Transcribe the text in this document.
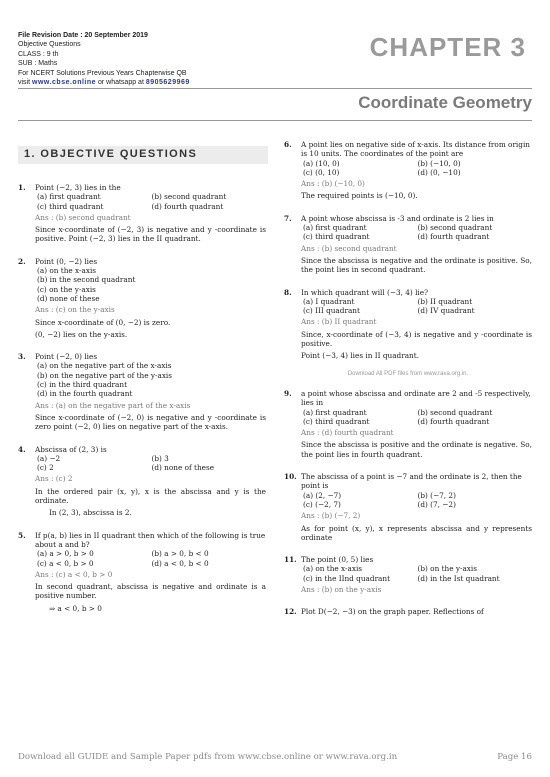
File Revision Date : 20 September 2019
Objective Questions
CLASS : 9 th
SUB : Maths
For NCERT Solutions Previous Years Chapterwise QB
visit www.cbse.online or whatsapp at 8905629969
CHAPTER 3
Coordinate Geometry
1. OBJECTIVE QUESTIONS
1. Point (−2, 3) lies in the
(a) first quadrant	(b) second quadrant
(c) third quadrant	(d) fourth quadrant
Ans : (b) second quadrant
Since x-coordinate of (−2, 3) is negative and y -coordinate is positive. Point (−2, 3) lies in the II quadrant.
2. Point (0, −2) lies
(a) on the x-axis
(b) in the second quadrant
(c) on the y-axis
(d) none of these
Ans : (c) on the y-axis
Since x-coordinate of (0, −2) is zero.
(0, −2) lies on the y-axis.
3. Point (−2, 0) lies
(a) on the negative part of the x-axis
(b) on the negative part of the y-axis
(c) in the third quadrant
(d) in the fourth quadrant
Ans : (a) on the negative part of the x-axis
Since x-coordinate of (−2, 0) is negative and y -coordinate is zero point (−2, 0) lies on negative part of the x-axis.
4. Abscissa of (2, 3) is
(a) −2	(b) 3
(c) 2	(d) none of these
Ans : (c) 2
In the ordered pair (x, y), x is the abscissa and y is the ordinate.
In (2, 3), abscissa is 2.
5. If p(a, b) lies in II quadrant then which of the following is true about a and b?
(a) a > 0, b > 0	(b) a > 0, b < 0
(c) a < 0, b > 0	(d) a < 0, b < 0
Ans : (c) a < 0, b > 0
In second quadrant, abscissa is negative and ordinate is a positive number.
⇒ a < 0, b > 0
6. A point lies on negative side of x-axis. Its distance from origin is 10 units. The coordinates of the point are
(a) (10, 0)	(b) (−10, 0)
(c) (0, 10)	(d) (0, −10)
Ans : (b) (−10, 0)
The required points is (−10, 0).
7. A point whose abscissa is -3 and ordinate is 2 lies in
(a) first quadrant	(b) second quadrant
(c) third quadrant	(d) fourth quadrant
Ans : (b) second quadrant
Since the abscissa is negative and the ordinate is positive. So, the point lies in second quadrant.
8. In which quadrant will (−3, 4) lie?
(a) I quadrant	(b) II quadrant
(c) III quadrant	(d) IV quadrant
Ans : (b) II quadrant
Since, x-coordinate of (−3, 4) is negative and y -coordinate is positive.
Point (−3, 4) lies in II quadrant.
Download All PDF files from www.rava.org.in.
9. a point whose abscissa and ordinate are 2 and -5 respectively, lies in
(a) first quadrant	(b) second quadrant
(c) third quadrant	(d) fourth quadrant
Ans : (d) fourth quadrant
Since the abscissa is positive and the ordinate is negative. So, the point lies in fourth quadrant.
10. The abscissa of a point is −7 and the ordinate is 2, then the point is
(a) (2, −7)	(b) (−7, 2)
(c) (−2, 7)	(d) (7, −2)
Ans : (b) (−7, 2)
As for point (x, y), x represents abscissa and y represents ordinate
11. The point (0, 5) lies
(a) on the x-axis	(b) on the y-axis
(c) in the IInd quadrant	(d) in the Ist quadrant
Ans : (b) on the y-axis
12. Plot D(−2, −3) on the graph paper. Reflections of
Download all GUIDE and Sample Paper pdfs from www.cbse.online or www.rava.org.in	Page 16
